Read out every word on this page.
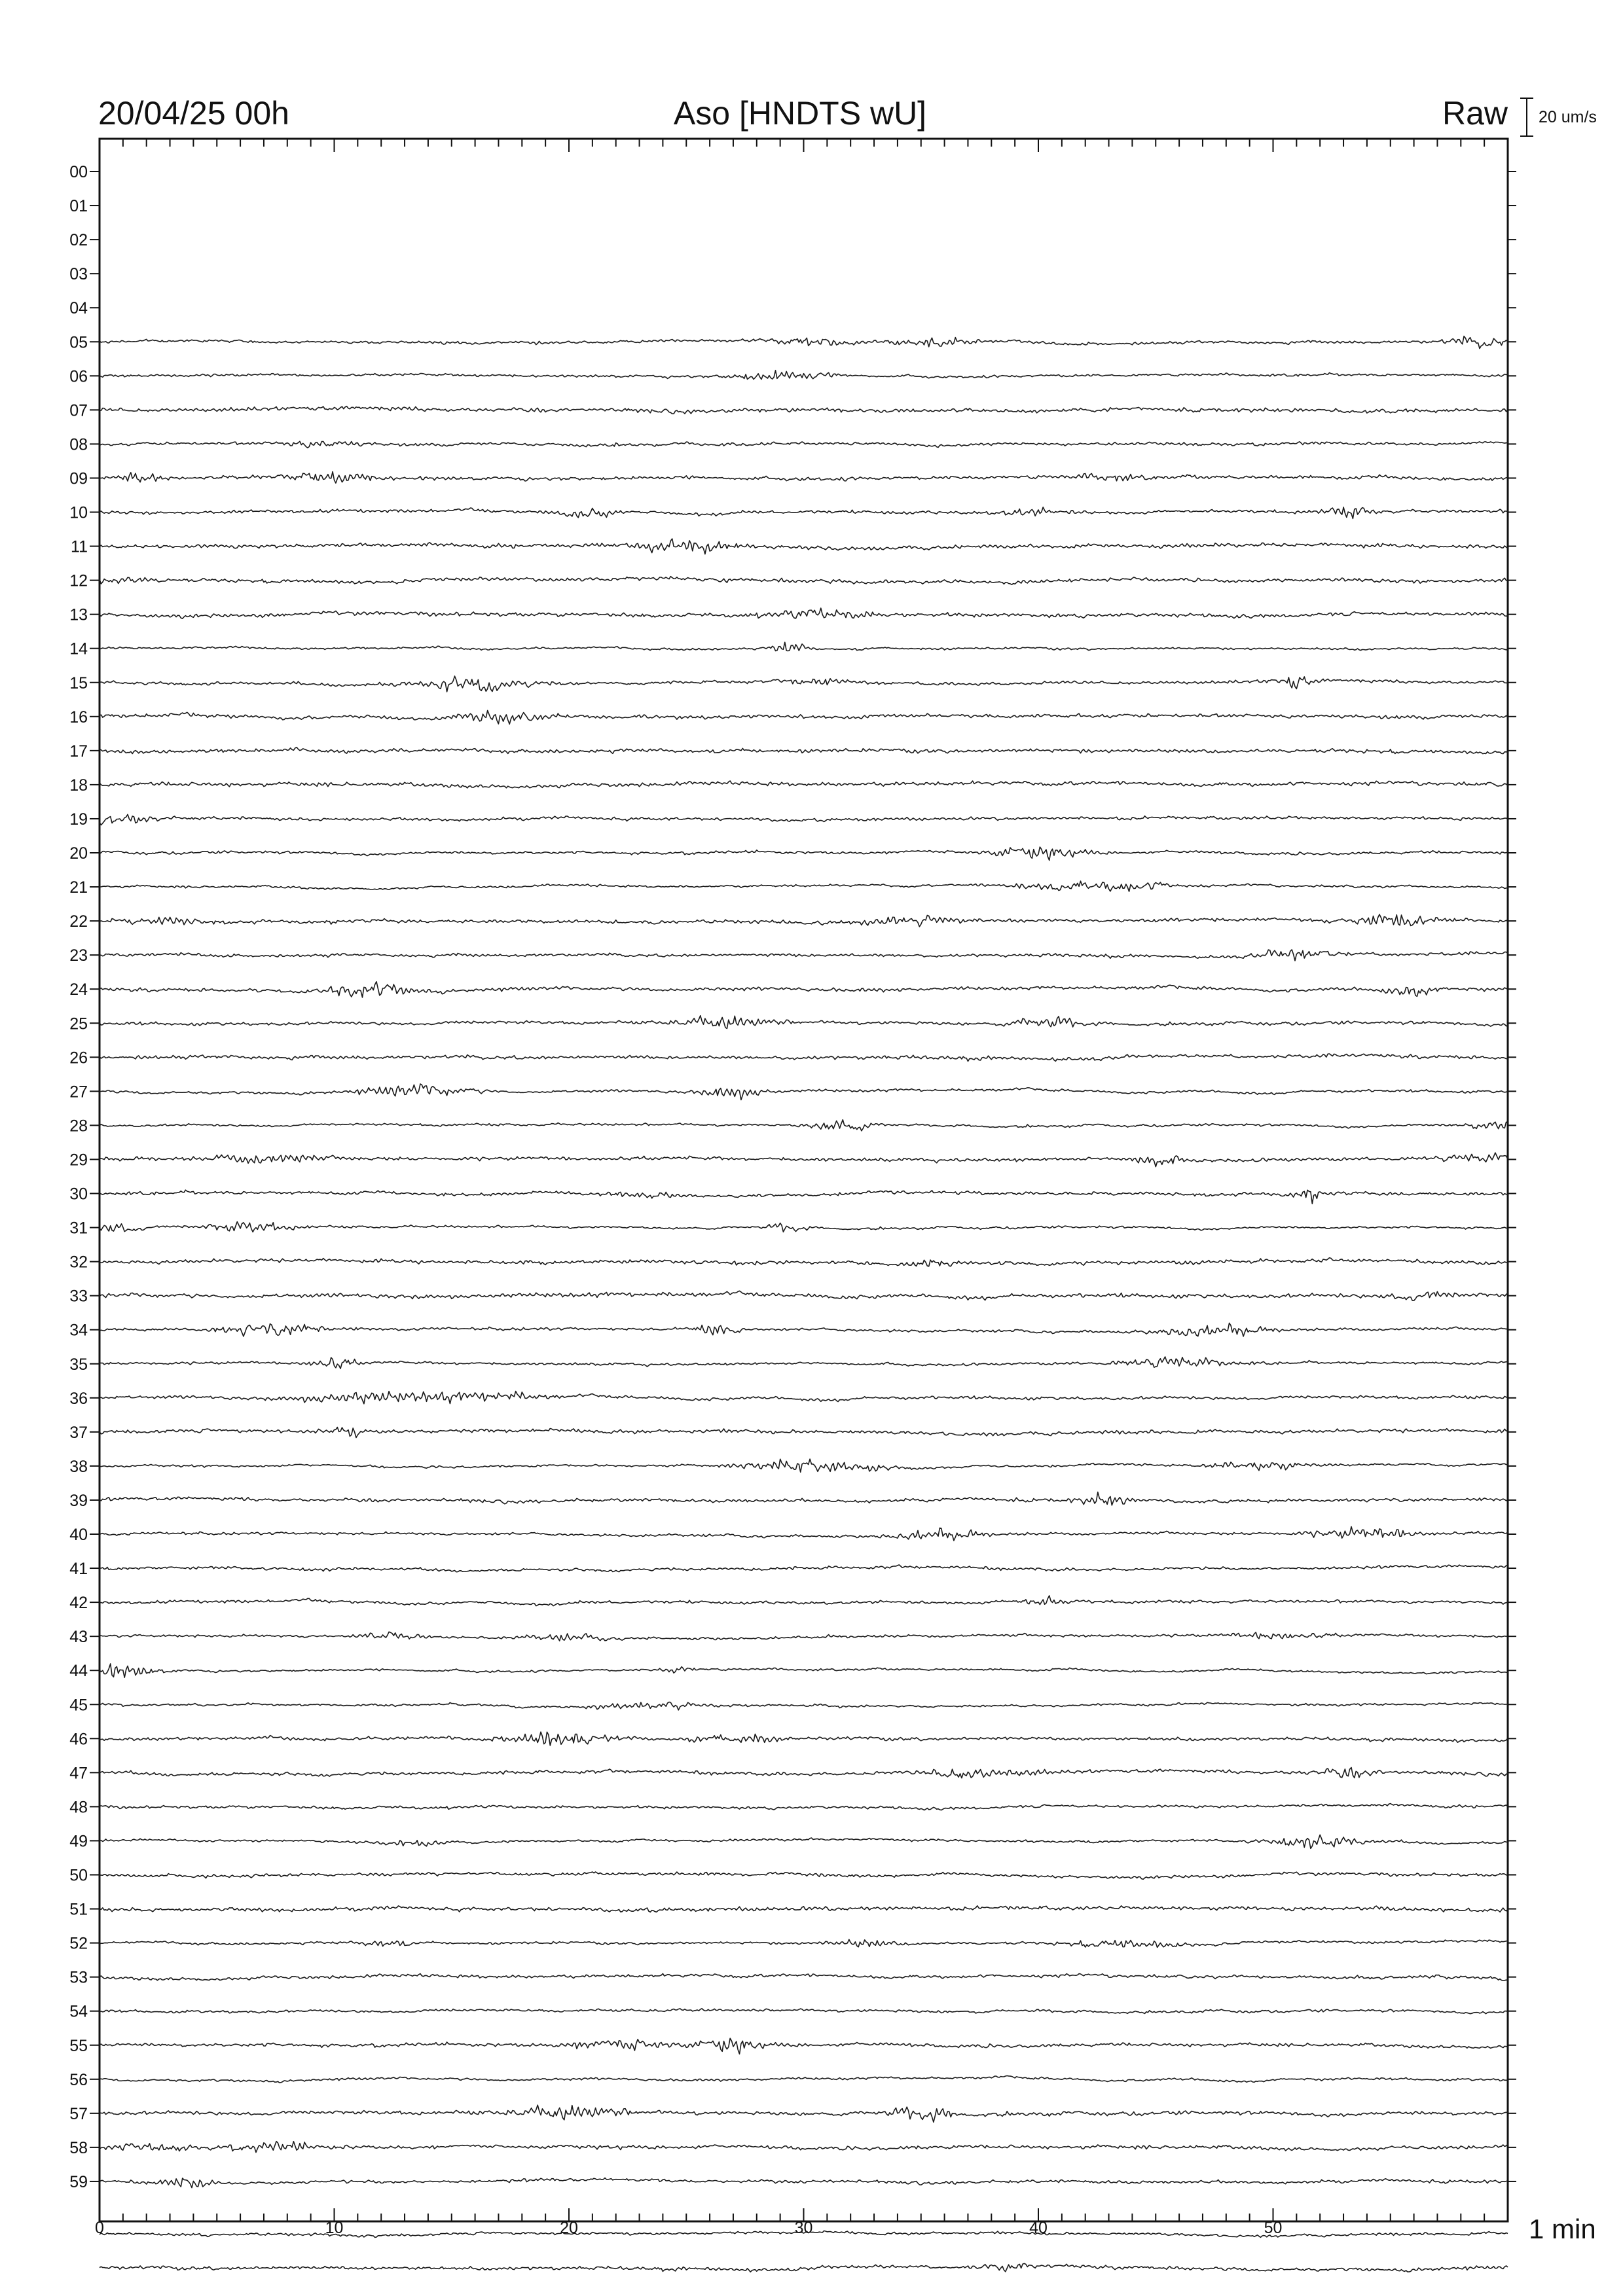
20/04/25 00h	Aso [HNDTS wU]	Raw 20 um/s
0	10	20	30	40	50
00
01
02
03
04
05
06
07
08
09
10
11
12
13
14
15
16
17
18
19
20
21
22
23
24
25
26
27
28
29
30
31
32
33
34
35
36
37
38
39
40
41
42
43
44
45
46
47
48
49
50
51
52
53
54
55
56
57
58
59
1 min
